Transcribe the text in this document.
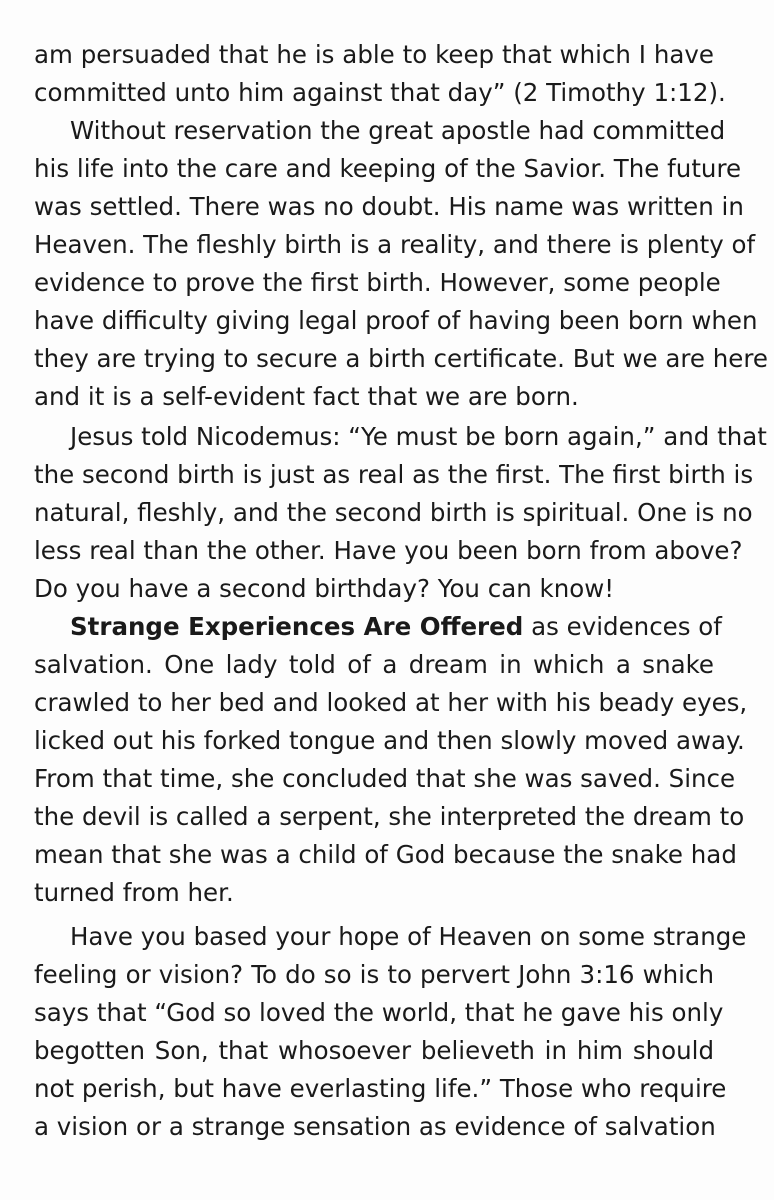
am persuaded that he is able to keep that which I have
committed unto him against that day” (2 Timothy 1:12).
Without reservation the great apostle had committed
his life into the care and keeping of the Savior. The future
was settled. There was no doubt. His name was written in
Heaven. The fleshly birth is a reality, and there is plenty of
evidence to prove the first birth. However, some people
have difficulty giving legal proof of having been born when
they are trying to secure a birth certificate. But we are here
and it is a self-evident fact that we are born.
Jesus told Nicodemus: “Ye must be born again,” and that
the second birth is just as real as the first. The first birth is
natural, fleshly, and the second birth is spiritual. One is no
less real than the other. Have you been born from above?
Do you have a second birthday? You can know!
Strange Experiences Are Offered as evidences of
salvation. One lady told of a dream in which a snake
crawled to her bed and looked at her with his beady eyes,
licked out his forked tongue and then slowly moved away.
From that time, she concluded that she was saved. Since
the devil is called a serpent, she interpreted the dream to
mean that she was a child of God because the snake had
turned from her.
Have you based your hope of Heaven on some strange
feeling or vision? To do so is to pervert John 3:16 which
says that “God so loved the world, that he gave his only
begotten Son, that whosoever believeth in him should
not perish, but have everlasting life.” Those who require
a vision or a strange sensation as evidence of salvation
